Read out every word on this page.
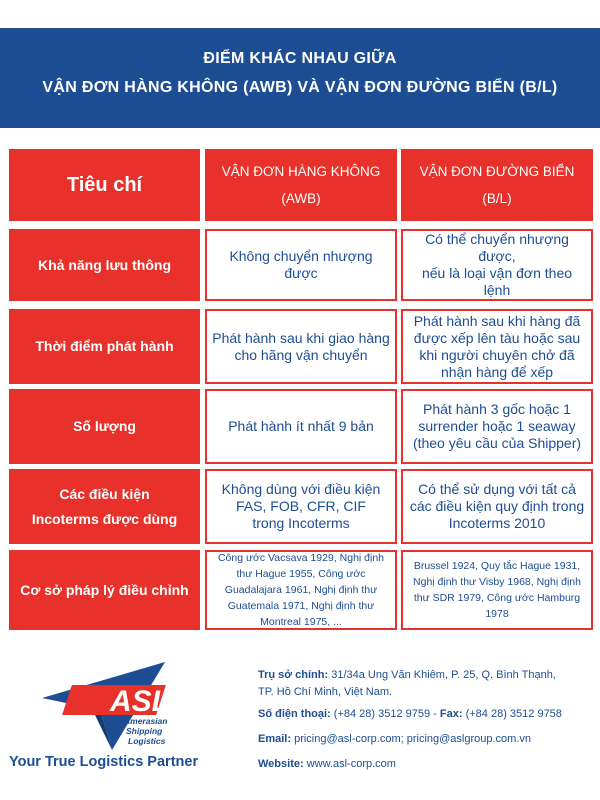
ĐIỂM KHÁC NHAU GIỮA
VẬN ĐƠN HÀNG KHÔNG (AWB) VÀ VẬN ĐƠN ĐƯỜNG BIỂN (B/L)
Tiêu chí
VẬN ĐƠN HÀNG KHÔNG
(AWB)
VẬN ĐƠN ĐƯỜNG BIỂN
(B/L)
Khả năng lưu thông
Không chuyển nhượng được
Có thể chuyển nhượng được,
nếu là loại vận đơn theo lệnh
Thời điểm phát hành
Phát hành sau khi giao hàng
cho hãng vận chuyển
Phát hành sau khi hàng đã
được xếp lên tàu hoặc sau
khi người chuyên chở đã
nhận hàng để xếp
Số lượng	Phát hành ít nhất 9 bản
Phát hành 3 gốc hoặc 1
surrender hoặc 1 seaway
(theo yêu cầu của Shipper)
Các điều kiện
Incoterms được dùng
Không dùng với điều kiện
FAS, FOB, CFR, CIF
trong Incoterms
Có thể sử dụng với tất cả
các điều kiện quy định trong
Incoterms 2010
Cơ sở pháp lý điều chỉnh
Công ước Vacsava 1929, Nghị định
thư Hague 1955, Công ước
Guadalajara 1961, Nghị định thư
Guatemala 1971, Nghị định thư
Montreal 1975, ...
Brussel 1924, Quy tắc Hague 1931,
Nghị định thư Visby 1968, Nghị định
thư SDR 1979, Công ước Hamburg
1978
ASL
Amerasian
Shipping
Logistics
Your True Logistics Partner
Trụ sở chính: 31/34a Ung Văn Khiêm, P. 25, Q. Bình Thạnh,
TP. Hồ Chí Minh, Việt Nam.
Số điện thoại: (+84 28) 3512 9759 - Fax: (+84 28) 3512 9758
Email: pricing@asl-corp.com; pricing@aslgroup.com.vn
Website: www.asl-corp.com
